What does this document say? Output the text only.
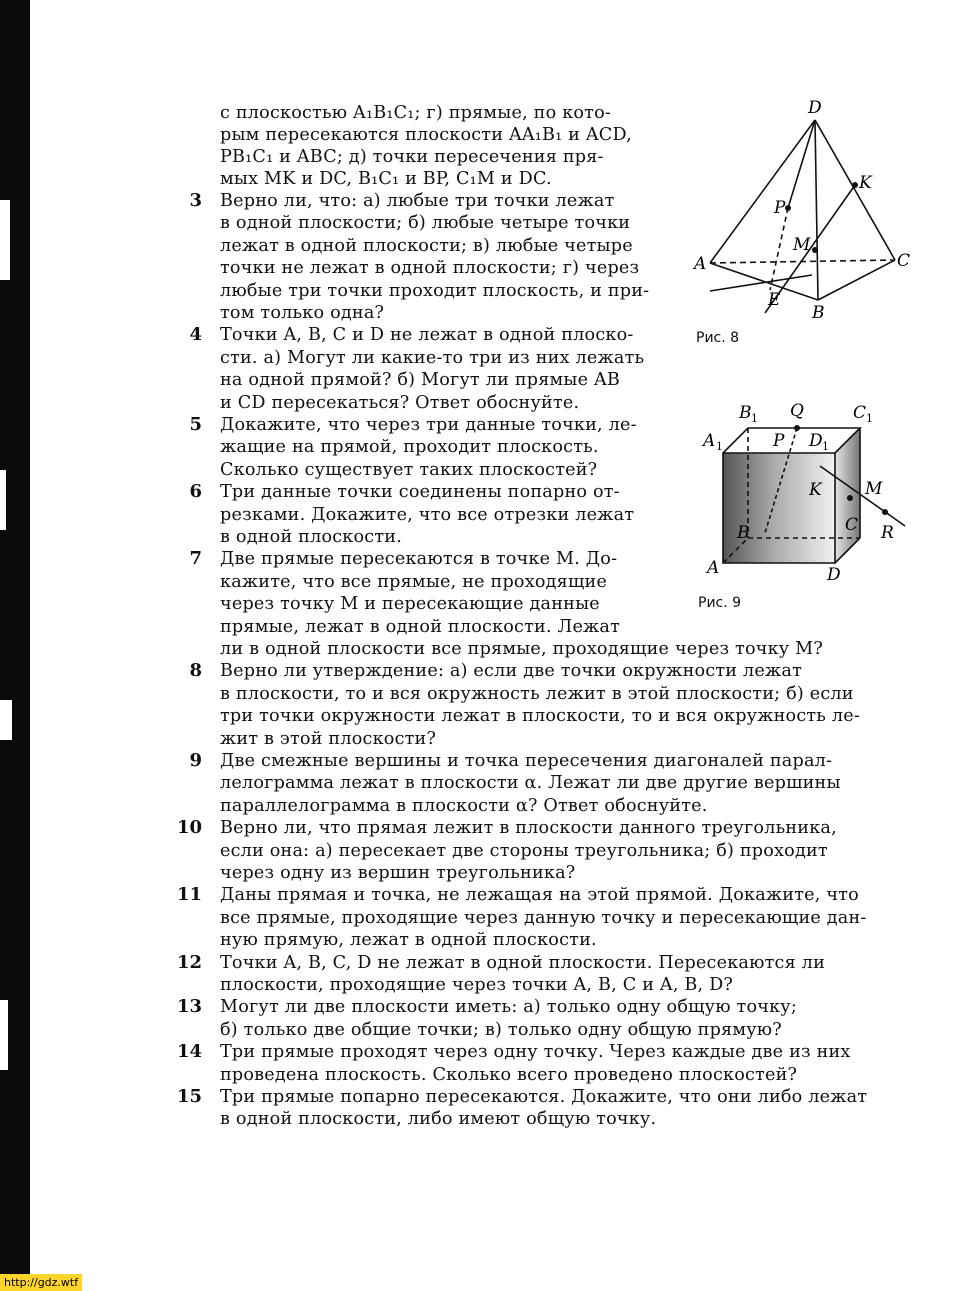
с плоскостью A₁B₁C₁; г) прямые, по кото-
рым пересекаются плоскости AA₁B₁ и ACD,
PB₁C₁ и ABC; д) точки пересечения пря-
мых MK и DC, B₁C₁ и BP, C₁M и DC.
3 Верно ли, что: а) любые три точки лежат
в одной плоскости; б) любые четыре точки
лежат в одной плоскости; в) любые четыре
точки не лежат в одной плоскости; г) через
любые три точки проходит плоскость, и при-
том только одна?
4 Точки A, B, C и D не лежат в одной плоско-
сти. а) Могут ли какие-то три из них лежать
на одной прямой? б) Могут ли прямые AB
и CD пересекаться? Ответ обоснуйте.
5 Докажите, что через три данные точки, ле-
жащие на прямой, проходит плоскость.
Сколько существует таких плоскостей?
6 Три данные точки соединены попарно от-
резками. Докажите, что все отрезки лежат
в одной плоскости.
7 Две прямые пересекаются в точке M. До-
кажите, что все прямые, не проходящие
через точку M и пересекающие данные
прямые, лежат в одной плоскости. Лежат
ли в одной плоскости все прямые, проходящие через точку M?
8 Верно ли утверждение: а) если две точки окружности лежат
в плоскости, то и вся окружность лежит в этой плоскости; б) если
три точки окружности лежат в плоскости, то и вся окружность ле-
жит в этой плоскости?
9 Две смежные вершины и точка пересечения диагоналей парал-
лелограмма лежат в плоскости α. Лежат ли две другие вершины
параллелограмма в плоскости α? Ответ обоснуйте.
10 Верно ли, что прямая лежит в плоскости данного треугольника,
если она: а) пересекает две стороны треугольника; б) проходит
через одну из вершин треугольника?
11 Даны прямая и точка, не лежащая на этой прямой. Докажите, что
все прямые, проходящие через данную точку и пересекающие дан-
ную прямую, лежат в одной плоскости.
12 Точки A, B, C, D не лежат в одной плоскости. Пересекаются ли
плоскости, проходящие через точки A, B, C и A, B, D?
13 Могут ли две плоскости иметь: а) только одну общую точку;
б) только две общие точки; в) только одну общую прямую?
14 Три прямые проходят через одну точку. Через каждые две из них
проведена плоскость. Сколько всего проведено плоскостей?
15 Три прямые попарно пересекаются. Докажите, что они либо лежат
в одной плоскости, либо имеют общую точку.
D
K
P
M
A	C
E
B
Рис. 8
B Q	C
A	P D
K	M
C R
B
A	D
1	1
1	1
Рис. 9
http://gdz.wtf
